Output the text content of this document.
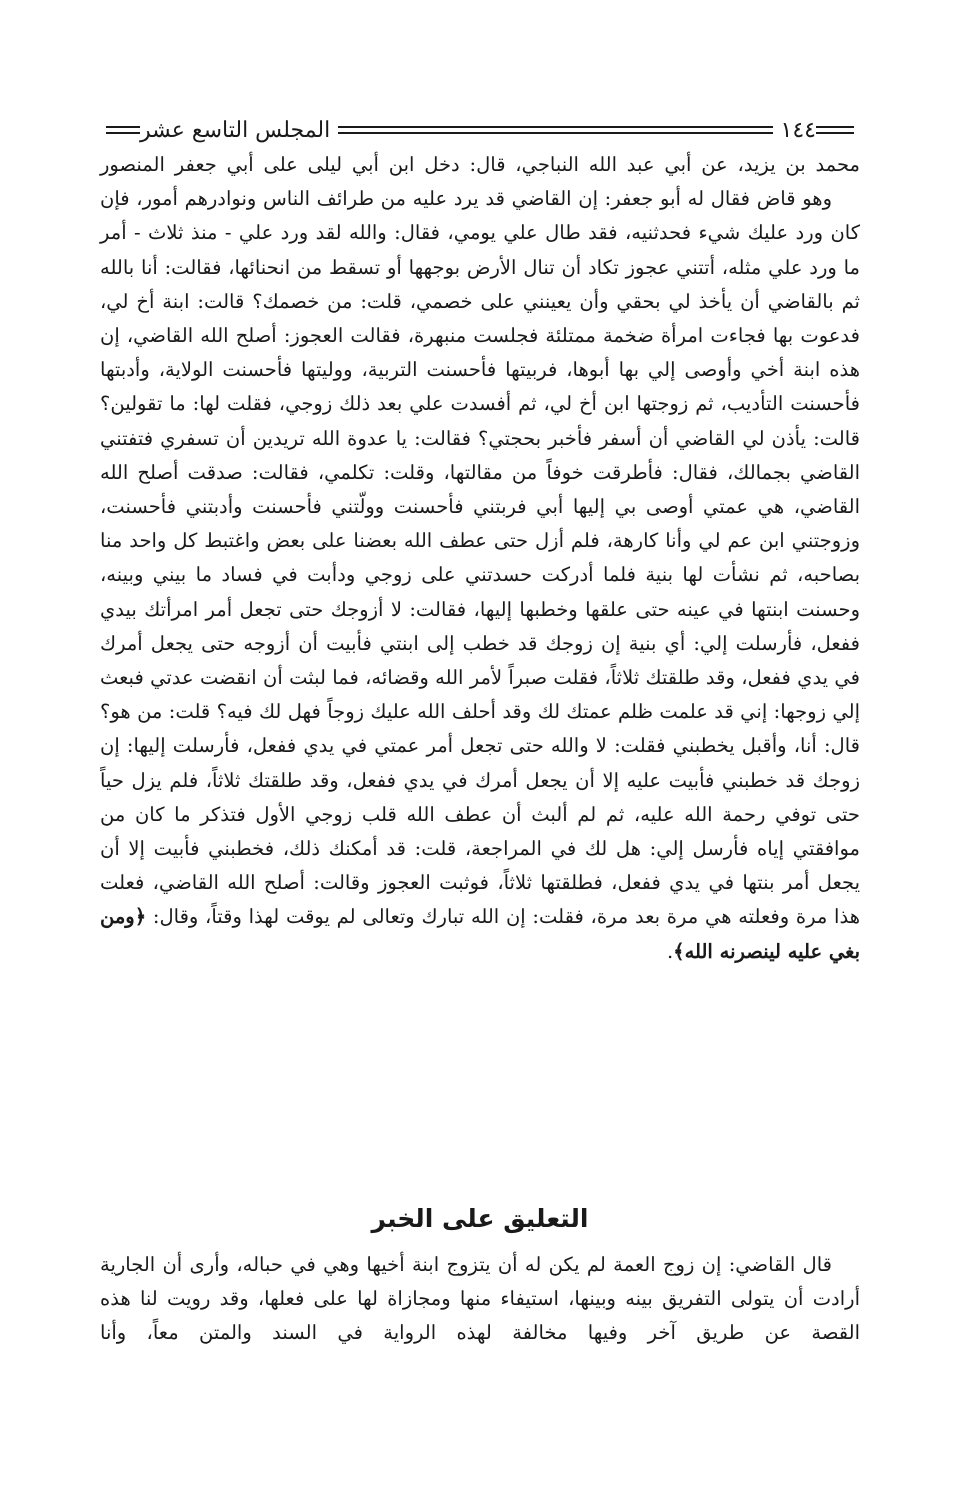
١٤٤
المجلس التاسع عشر

محمد بن يزيد، عن أبي عبد الله النباجي، قال: دخل ابن أبي ليلى على أبي جعفر المنصور

وهو قاض فقال له أبو جعفر: إن القاضي قد يرد عليه من طرائف الناس ونوادرهم أمور، فإن كان ورد عليك شيء فحدثنيه، فقد طال علي يومي، فقال: والله لقد ورد علي - منذ ثلاث - أمر ما ورد علي مثله، أتتني عجوز تكاد أن تنال الأرض بوجهها أو تسقط من انحنائها، فقالت: أنا بالله ثم بالقاضي أن يأخذ لي بحقي وأن يعينني على خصمي، قلت: من خصمك؟ قالت: ابنة أخ لي، فدعوت بها فجاءت امرأة ضخمة ممتلئة فجلست منبهرة، فقالت العجوز: أصلح الله القاضي، إن هذه ابنة أخي وأوصى إلي بها أبوها، فربيتها فأحسنت التربية، ووليتها فأحسنت الولاية، وأدبتها فأحسنت التأديب، ثم زوجتها ابن أخ لي، ثم أفسدت علي بعد ذلك زوجي، فقلت لها: ما تقولين؟ قالت: يأذن لي القاضي أن أسفر فأخبر بحجتي؟ فقالت: يا عدوة الله تريدين أن تسفري فتفتني القاضي بجمالك، فقال: فأطرقت خوفاً من مقالتها، وقلت: تكلمي، فقالت: صدقت أصلح الله القاضي، هي عمتي أوصى بي إليها أبي فربتني فأحسنت وولّتني فأحسنت وأدبتني فأحسنت، وزوجتني ابن عم لي وأنا كارهة، فلم أزل حتى عطف الله بعضنا على بعض واغتبط كل واحد منا بصاحبه، ثم نشأت لها بنية فلما أدركت حسدتني على زوجي ودأبت في فساد ما بيني وبينه، وحسنت ابنتها في عينه حتى علقها وخطبها إليها، فقالت: لا أزوجك حتى تجعل أمر امرأتك بيدي ففعل، فأرسلت إلي: أي بنية إن زوجك قد خطب إلى ابنتي فأبيت أن أزوجه حتى يجعل أمرك في يدي ففعل، وقد طلقتك ثلاثاً، فقلت صبراً لأمر الله وقضائه، فما لبثت أن انقضت عدتي فبعث إلي زوجها: إني قد علمت ظلم عمتك لك وقد أحلف الله عليك زوجاً فهل لك فيه؟ قلت: من هو؟ قال: أنا، وأقبل يخطبني فقلت: لا والله حتى تجعل أمر عمتي في يدي ففعل، فأرسلت إليها: إن زوجك قد خطبني فأبيت عليه إلا أن يجعل أمرك في يدي ففعل، وقد طلقتك ثلاثاً، فلم يزل حياً حتى توفي رحمة الله عليه، ثم لم ألبث أن عطف الله قلب زوجي الأول فتذكر ما كان من موافقتي إياه فأرسل إلي: هل لك في المراجعة، قلت: قد أمكنك ذلك، فخطبني فأبيت إلا أن يجعل أمر بنتها في يدي ففعل، فطلقتها ثلاثاً، فوثبت العجوز وقالت: أصلح الله القاضي، فعلت هذا مرة وفعلته هي مرة بعد مرة، فقلت: إن الله تبارك وتعالى لم يوقت لهذا وقتاً، وقال: ﴿ومن بغي عليه لينصرنه الله﴾.

التعليق على الخبر

قال القاضي: إن زوج العمة لم يكن له أن يتزوج ابنة أخيها وهي في حباله، وأرى أن الجارية أرادت أن يتولى التفريق بينه وبينها، استيفاء منها ومجازاة لها على فعلها، وقد رويت لنا هذه القصة عن طريق آخر وفيها مخالفة لهذه الرواية في السند والمتن معاً، وأنا
